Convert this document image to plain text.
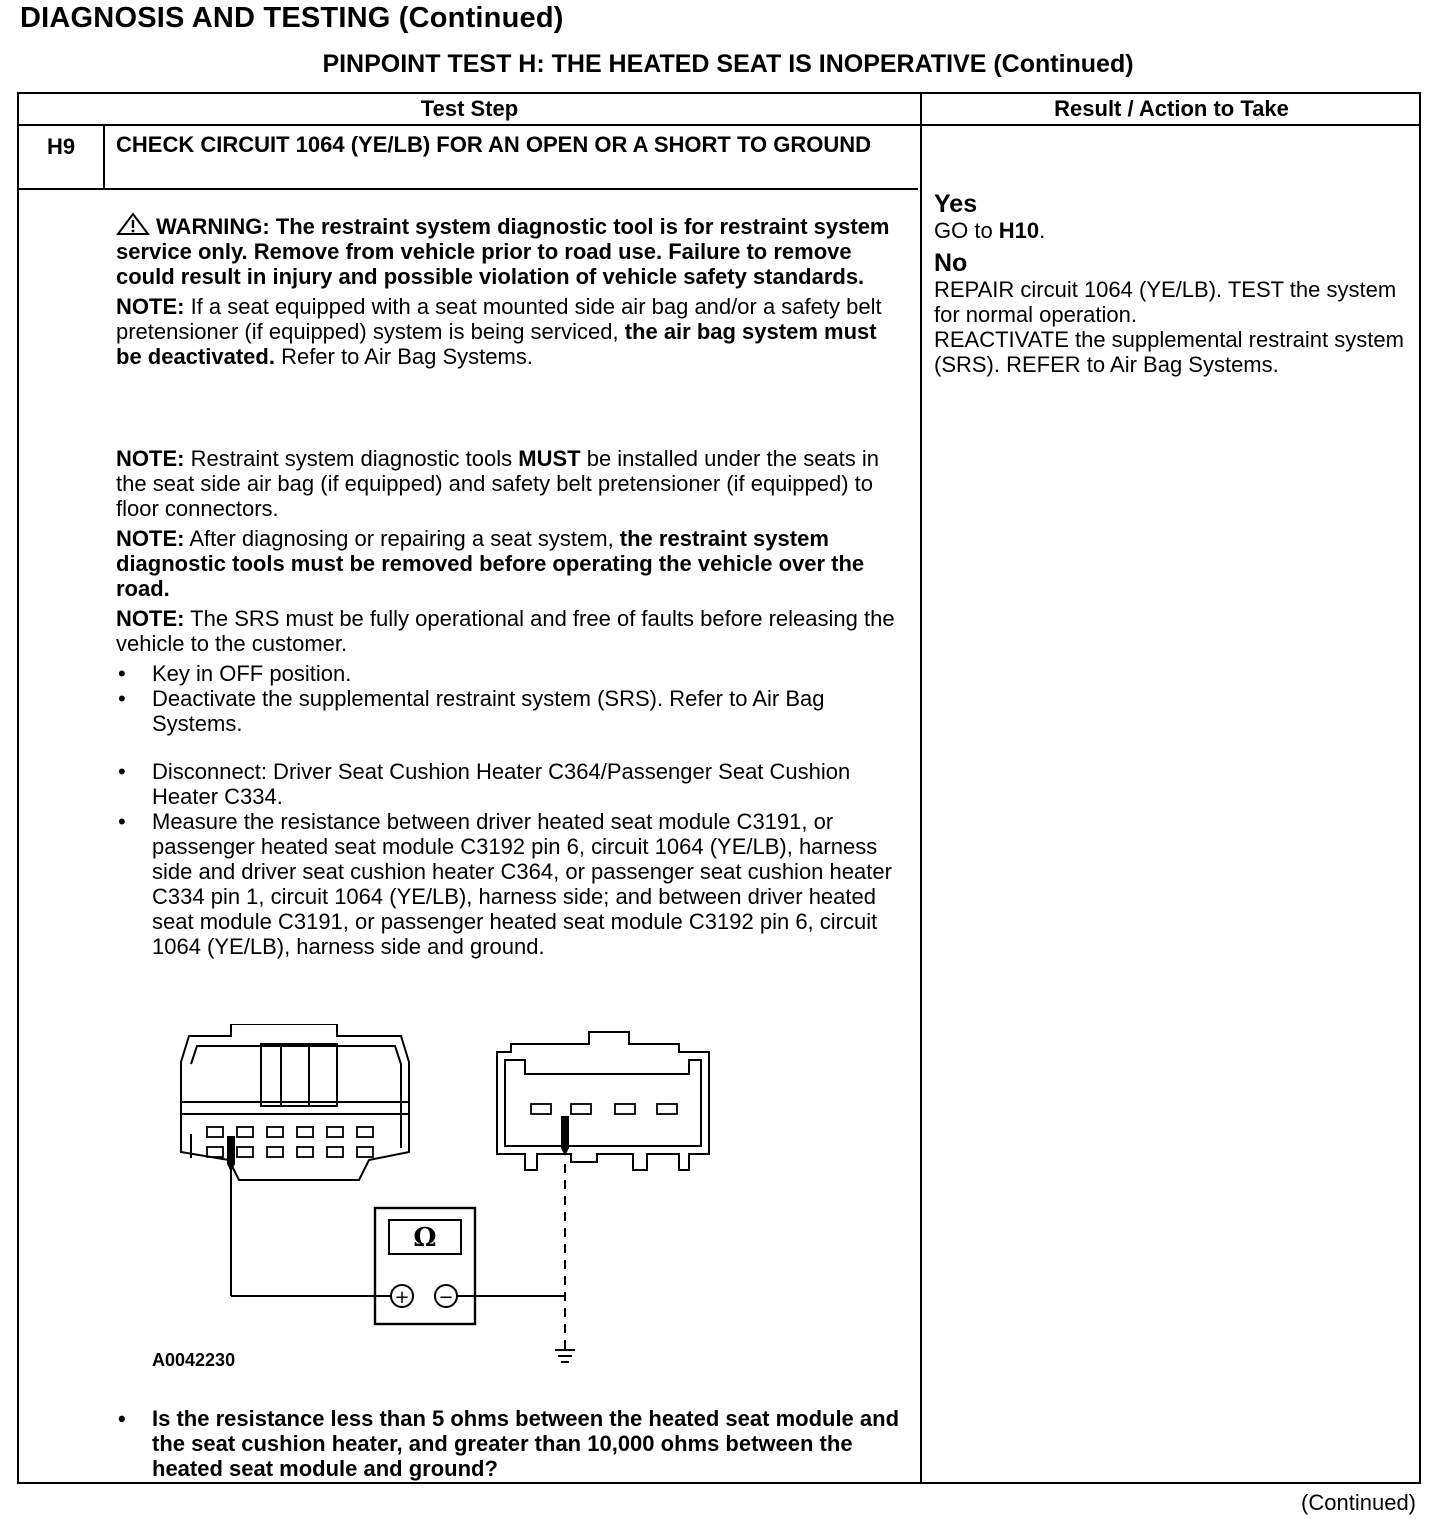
DIAGNOSIS AND TESTING (Continued)
PINPOINT TEST H: THE HEATED SEAT IS INOPERATIVE (Continued)
Test Step	Result / Action to Take
H9	CHECK CIRCUIT 1064 (YE/LB) FOR AN OPEN OR A SHORT TO GROUND

WARNING: The restraint system diagnostic tool is for restraint system service only. Remove from vehicle prior to road use. Failure to remove could result in injury and possible violation of vehicle safety standards.

NOTE: If a seat equipped with a seat mounted side air bag and/or a safety belt pretensioner (if equipped) system is being serviced, the air bag system must be deactivated. Refer to Air Bag Systems.

NOTE: Restraint system diagnostic tools MUST be installed under the seats in the seat side air bag (if equipped) and safety belt pretensioner (if equipped) to floor connectors.

NOTE: After diagnosing or repairing a seat system, the restraint system diagnostic tools must be removed before operating the vehicle over the road.

NOTE: The SRS must be fully operational and free of faults before releasing the vehicle to the customer.

• Key in OFF position.
• Deactivate the supplemental restraint system (SRS). Refer to Air Bag Systems.
• Disconnect: Driver Seat Cushion Heater C364/Passenger Seat Cushion Heater C334.
• Measure the resistance between driver heated seat module C3191, or passenger heated seat module C3192 pin 6, circuit 1064 (YE/LB), harness side and driver seat cushion heater C364, or passenger seat cushion heater C334 pin 1, circuit 1064 (YE/LB), harness side; and between driver heated seat module C3191, or passenger heated seat module C3192 pin 6, circuit 1064 (YE/LB), harness side and ground.
Ω
+ −
A0042230
• Is the resistance less than 5 ohms between the heated seat module and the seat cushion heater, and greater than 10,000 ohms between the heated seat module and ground?
Yes
GO to H10.
No
REPAIR circuit 1064 (YE/LB). TEST the system for normal operation.
REACTIVATE the supplemental restraint system (SRS). REFER to Air Bag Systems.
(Continued)
